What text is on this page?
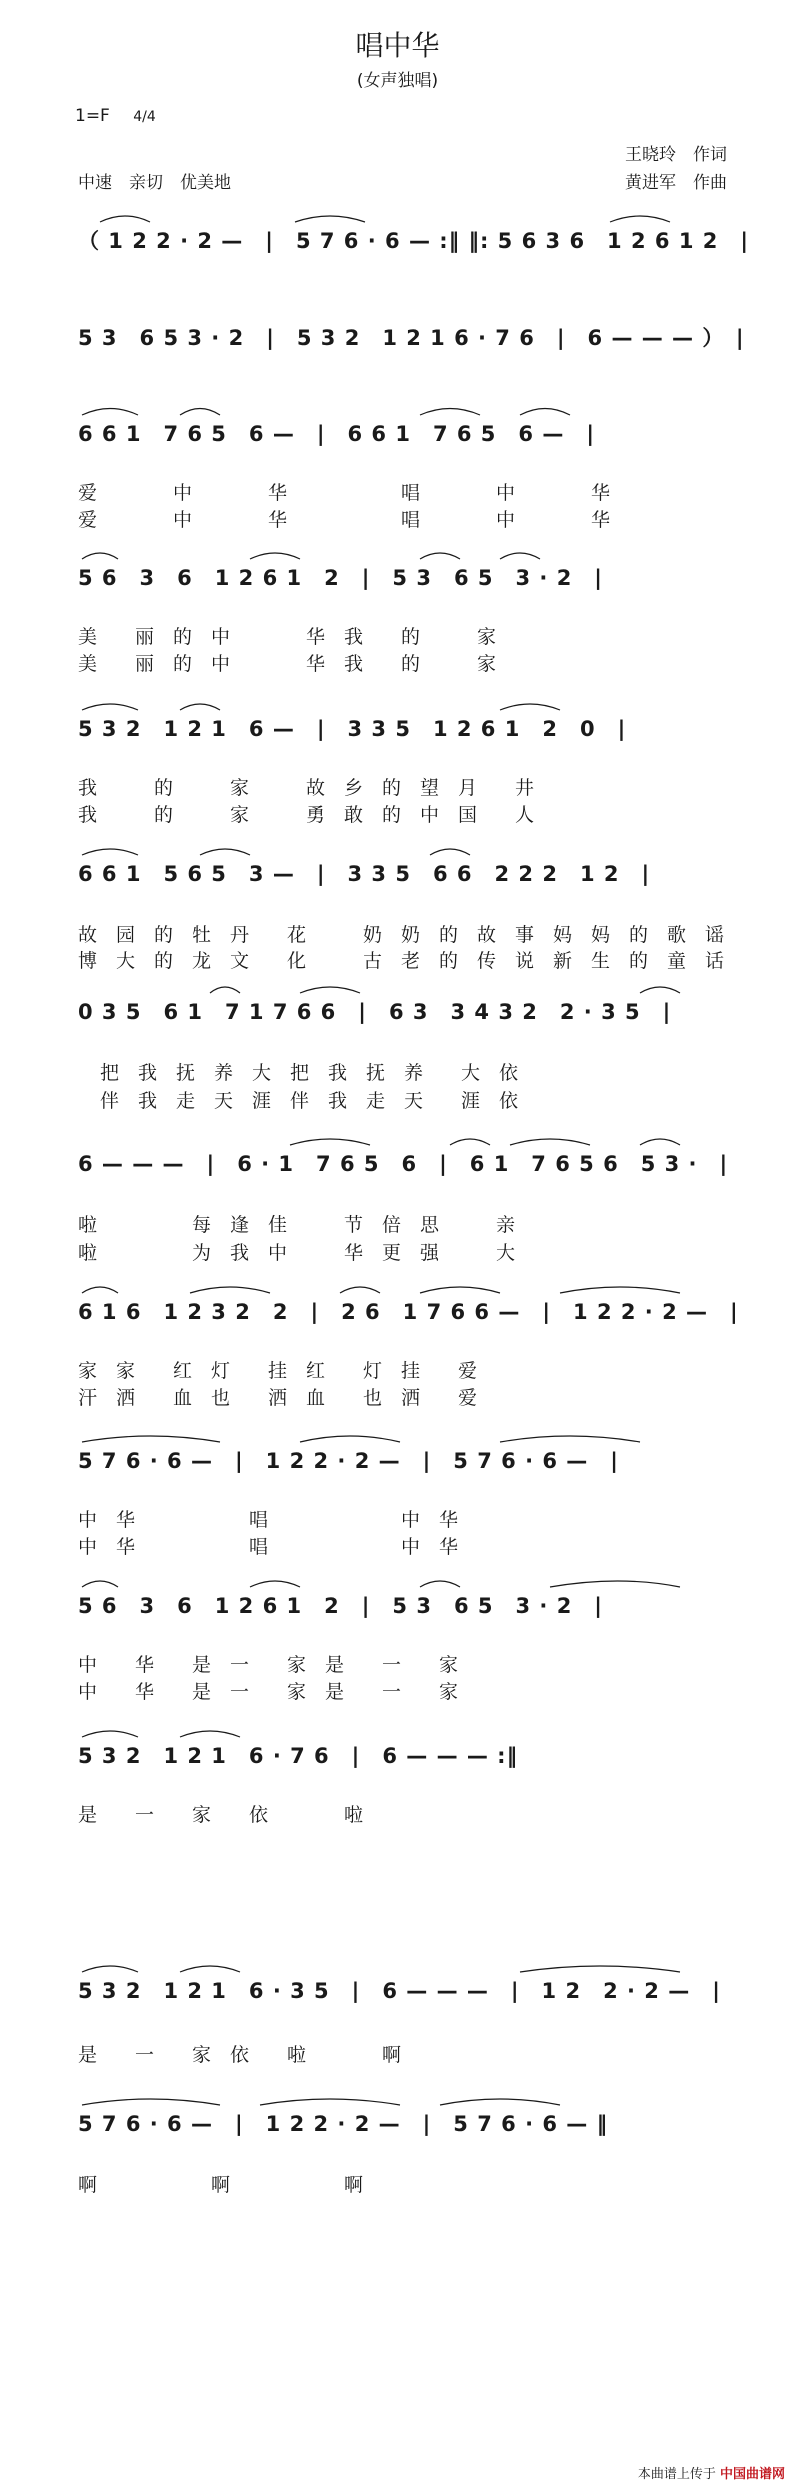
唱中华
(女声独唱)
1=F 4/4
王晓玲　作词
中速　亲切　优美地	黄进军　作曲
（ 1 2 2 · 2 —　|　5 7 6 · 6 — :‖ ‖: 5 6 3 6　1 2 6 1 2　|
5 3　6 5 3 · 2　|　5 3 2　1 2 1 6 · 7 6　|　6 — — — ）　|
6 6 1　7 6 5　6 —　|　6 6 1　7 6 5　6 —　|
爱　　　　中　　　　华　　　　　　唱　　　　中　　　　华
爱　　　　中　　　　华　　　　　　唱　　　　中　　　　华
5 6　3　6　1 2 6 1　2　|　5 3　6 5　3 · 2　|
美　　丽　的　中　　　　华　我　　的　　　家
美　　丽　的　中　　　　华　我　　的　　　家
5 3 2　1 2 1　6 —　|　3 3 5　1 2 6 1　2　0　|
我　　　的　　　家　　　故　乡　的　望　月　　井
我　　　的　　　家　　　勇　敢　的　中　国　　人
6 6 1　5 6 5　3 —　|　3 3 5　6 6　2 2 2　1 2　|
故　园　的　牡　丹　　花　　　奶　奶　的　故　事　妈　妈　的　歌　谣
博　大　的　龙　文　　化　　　古　老　的　传　说　新　生　的　童　话
0 3 5　6 1　7 1 7 6 6　|　6 3　3 4 3 2　2 · 3 5　|
把　我　抚　养　大　把　我　抚　养　　大　依
伴　我　走　天　涯　伴　我　走　天　　涯　依
6 — — —　|　6 · 1　7 6 5　6　|　6 1　7 6 5 6　5 3 ·　|
啦　　　　　每　逢　佳　　　节　倍　思　　　亲
啦　　　　　为　我　中　　　华　更　强　　　大
6 1 6　1 2 3 2　2　|　2 6　1 7 6 6 —　|　1 2 2 · 2 —　|
家　家　　红　灯　　挂　红　　灯　挂　　爱
汗　洒　　血　也　　洒　血　　也　洒　　爱
5 7 6 · 6 —　|　1 2 2 · 2 —　|　5 7 6 · 6 —　|
中　华　　　　　　唱　　　　　　　中　华
中　华　　　　　　唱　　　　　　　中　华
5 6　3　6　1 2 6 1　2　|　5 3　6 5　3 · 2　|
中　　华　　是　一　　家　是　　一　　家
中　　华　　是　一　　家　是　　一　　家
5 3 2　1 2 1　6 · 7 6　|　6 — — — :‖
是　　一　　家　　依　　　　啦
5 3 2　1 2 1　6 · 3 5　|　6 — — —　|　1 2　2 · 2 —　|
是　　一　　家　依　　啦　　　　啊
5 7 6 · 6 —　|　1 2 2 · 2 —　|　5 7 6 · 6 — ‖
啊　　　　　　啊　　　　　　啊
本曲谱上传于 中国曲谱网
